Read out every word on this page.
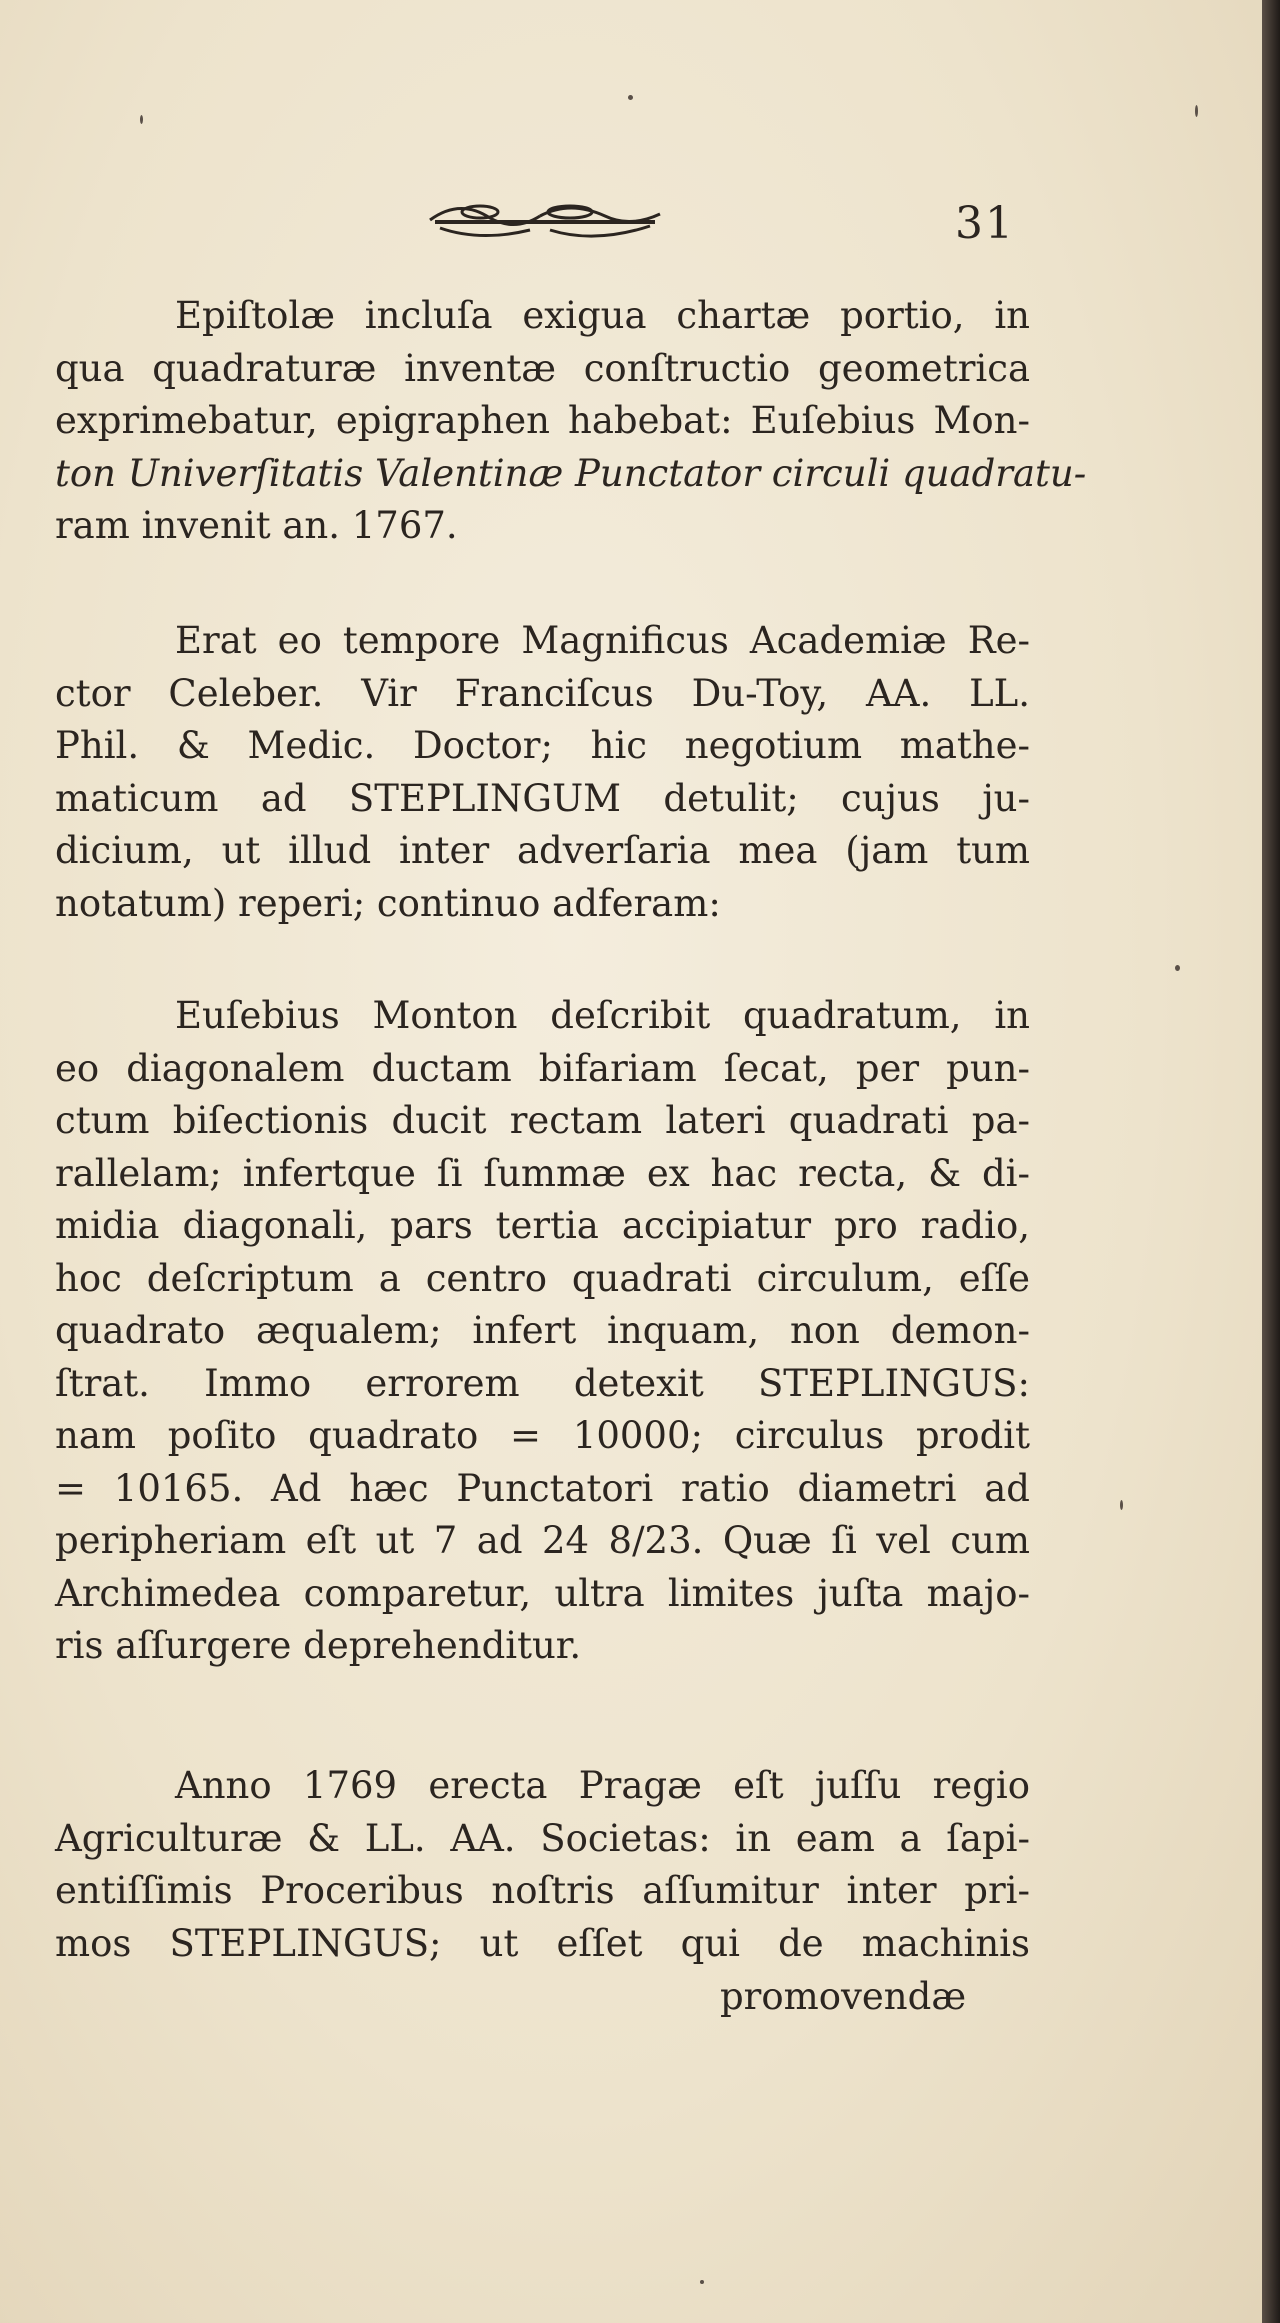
31
Epiſtolæ incluſa exigua chartæ portio, in
qua quadraturæ inventæ conſtructio geometrica
exprimebatur, epigraphen habebat: Euſebius Mon-
ton Univerſitatis Valentinæ Punctator circuli quadratu-
ram invenit an. 1767.
Erat eo tempore Magnificus Academiæ Re-
ctor Celeber. Vir Franciſcus Du-Toy, AA. LL.
Phil. & Medic. Doctor; hic negotium mathe-
maticum ad STEPLINGUM detulit; cujus ju-
dicium, ut illud inter adverſaria mea (jam tum
notatum) reperi; continuo adferam:
Euſebius Monton deſcribit quadratum, in
eo diagonalem ductam bifariam ſecat, per pun-
ctum biſectionis ducit rectam lateri quadrati pa-
rallelam; infertque ſi ſummæ ex hac recta, & di-
midia diagonali, pars tertia accipiatur pro radio,
hoc deſcriptum a centro quadrati circulum, eſſe
quadrato æqualem; infert inquam, non demon-
ſtrat. Immo errorem detexit STEPLINGUS:
nam poſito quadrato = 10000; circulus prodit
= 10165. Ad hæc Punctatori ratio diametri ad
peripheriam eſt ut 7 ad 24 8/23. Quæ ſi vel cum
Archimedea comparetur, ultra limites juſta majo-
ris aſſurgere deprehenditur.
Anno 1769 erecta Pragæ eſt juſſu regio
Agriculturæ & LL. AA. Societas: in eam a ſapi-
entiſſimis Proceribus noſtris aſſumitur inter pri-
mos STEPLINGUS; ut eſſet qui de machinis
promovendæ
